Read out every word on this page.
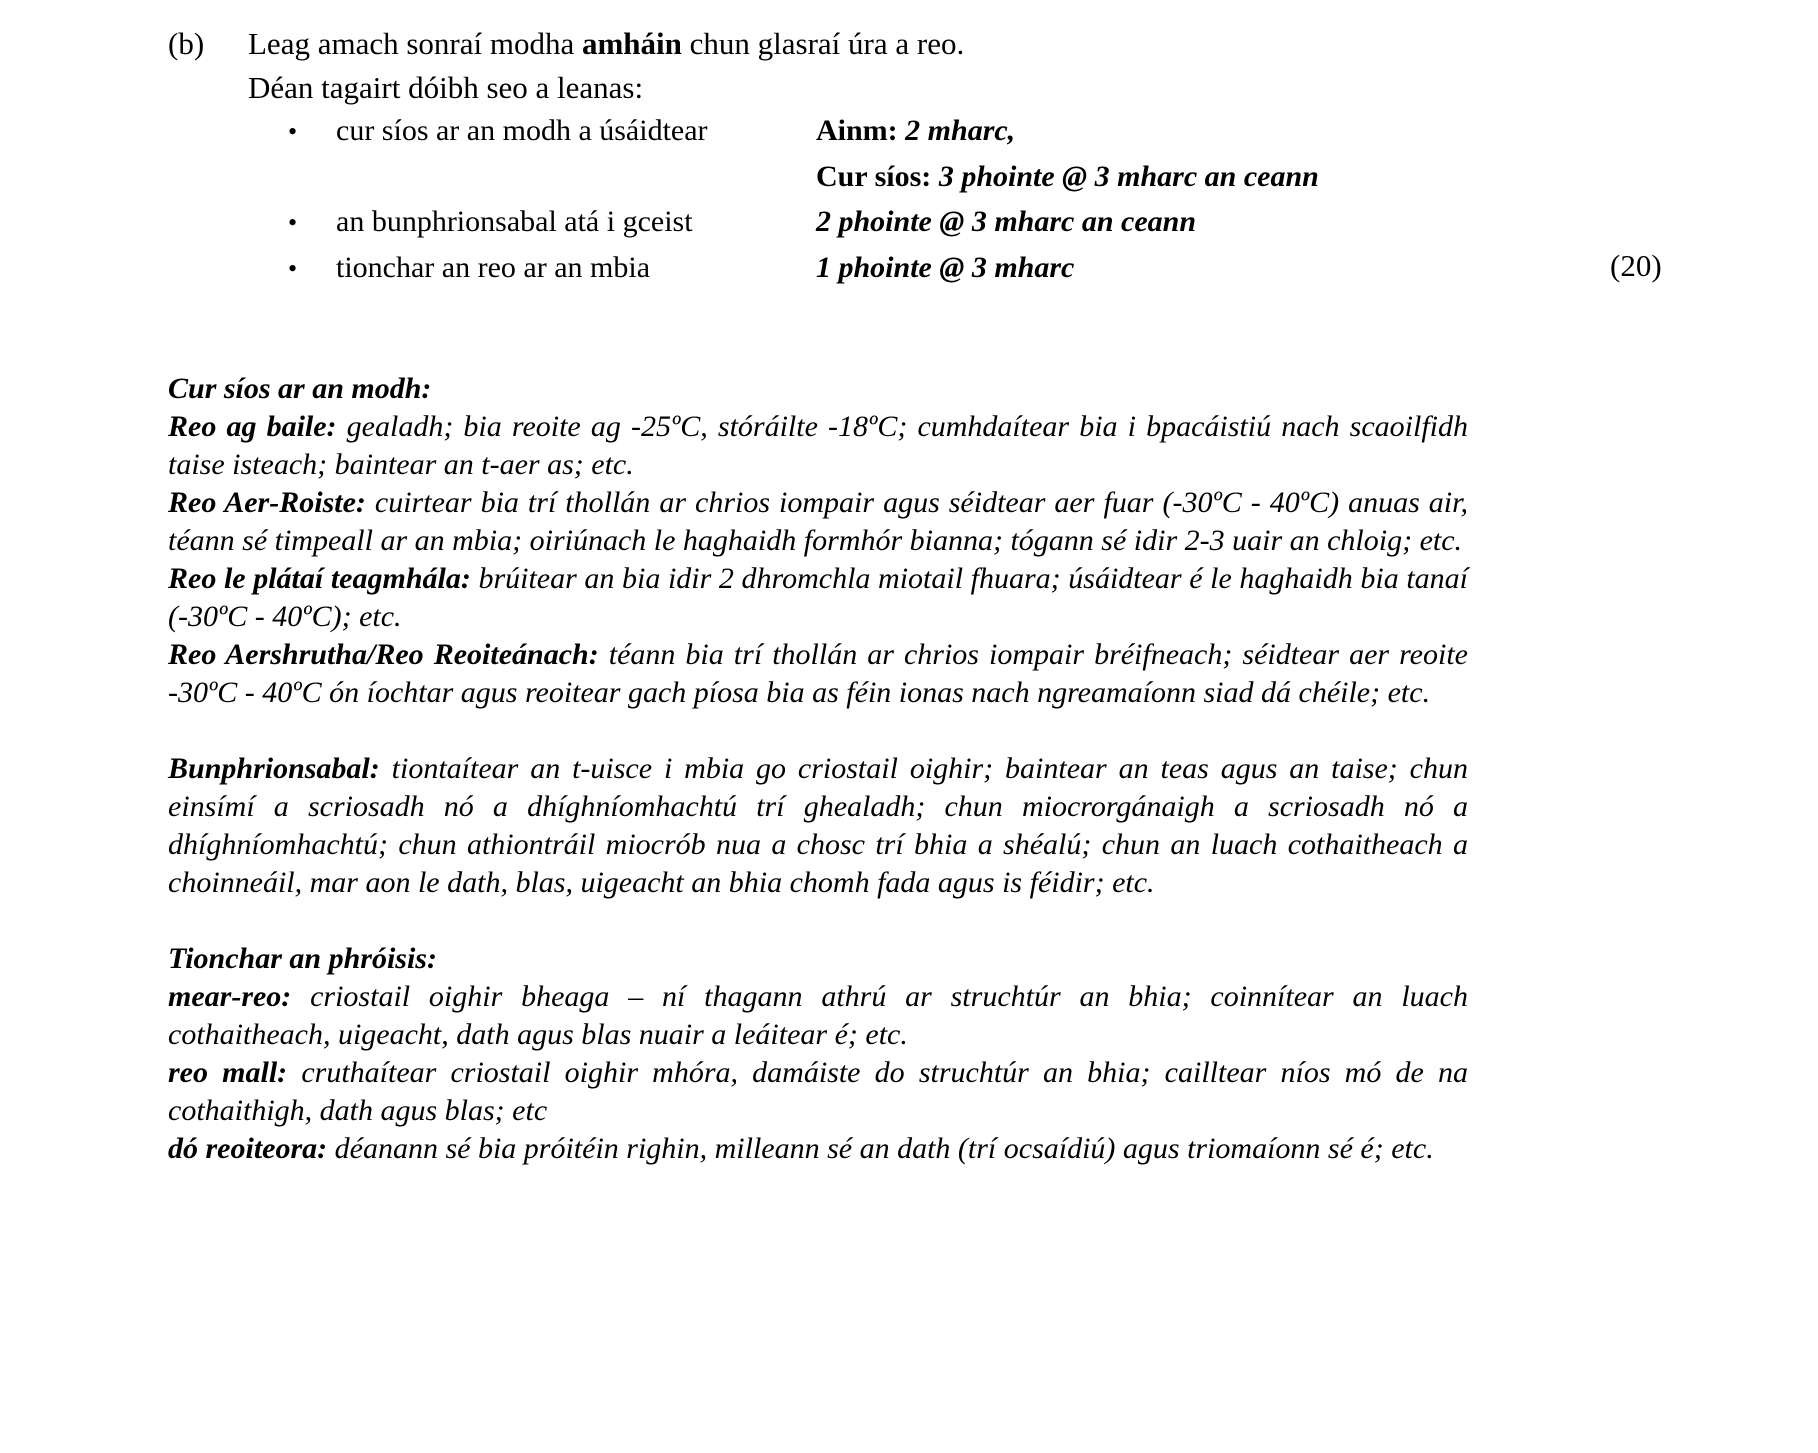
(b)	Leag amach sonraí modha amháin chun glasraí úra a reo.
Déan tagairt dóibh seo a leanas:
•	cur síos ar an modh a úsáidtear	Ainm: 2 mharc,
Cur síos: 3 phointe @ 3 mharc an ceann
•	an bunphrionsabal atá i gceist	2 phointe @ 3 mharc an ceann
•	tionchar an reo ar an mbia	1 phointe @ 3 mharc	(20)
Cur síos ar an modh:
Reo ag baile: gealadh; bia reoite ag -25ºC, stóráilte -18ºC; cumhdaítear bia i bpacáistiú nach scaoilfidh taise isteach; baintear an t-aer as; etc.
Reo Aer-Roiste: cuirtear bia trí thollán ar chrios iompair agus séidtear aer fuar (-30ºC - 40ºC) anuas air, téann sé timpeall ar an mbia; oiriúnach le haghaidh formhór bianna; tógann sé idir 2-3 uair an chloig; etc.
Reo le plátaí teagmhála: brúitear an bia idir 2 dhromchla miotail fhuara; úsáidtear é le haghaidh bia tanaí (-30ºC - 40ºC); etc.
Reo Aershrutha/Reo Reoiteánach: téann bia trí thollán ar chrios iompair bréifneach; séidtear aer reoite -30ºC - 40ºC ón íochtar agus reoitear gach píosa bia as féin ionas nach ngreamaíonn siad dá chéile; etc.
Bunphrionsabal: tiontaítear an t-uisce i mbia go criostail oighir; baintear an teas agus an taise; chun einsímí a scriosadh nó a dhíghníomhachtú trí ghealadh; chun miocrorgánaigh a scriosadh nó a dhíghníomhachtú; chun athiontráil miocrób nua a chosc trí bhia a shéalú; chun an luach cothaitheach a choinneáil, mar aon le dath, blas, uigeacht an bhia chomh fada agus is féidir; etc.
Tionchar an phróisis:
mear-reo: criostail oighir bheaga – ní thagann athrú ar struchtúr an bhia; coinnítear an luach cothaitheach, uigeacht, dath agus blas nuair a leáitear é; etc.
reo mall: cruthaítear criostail oighir mhóra, damáiste do struchtúr an bhia; cailltear níos mó de na cothaithigh, dath agus blas; etc
dó reoiteora: déanann sé bia próitéin righin, milleann sé an dath (trí ocsaídiú) agus triomaíonn sé é; etc.
